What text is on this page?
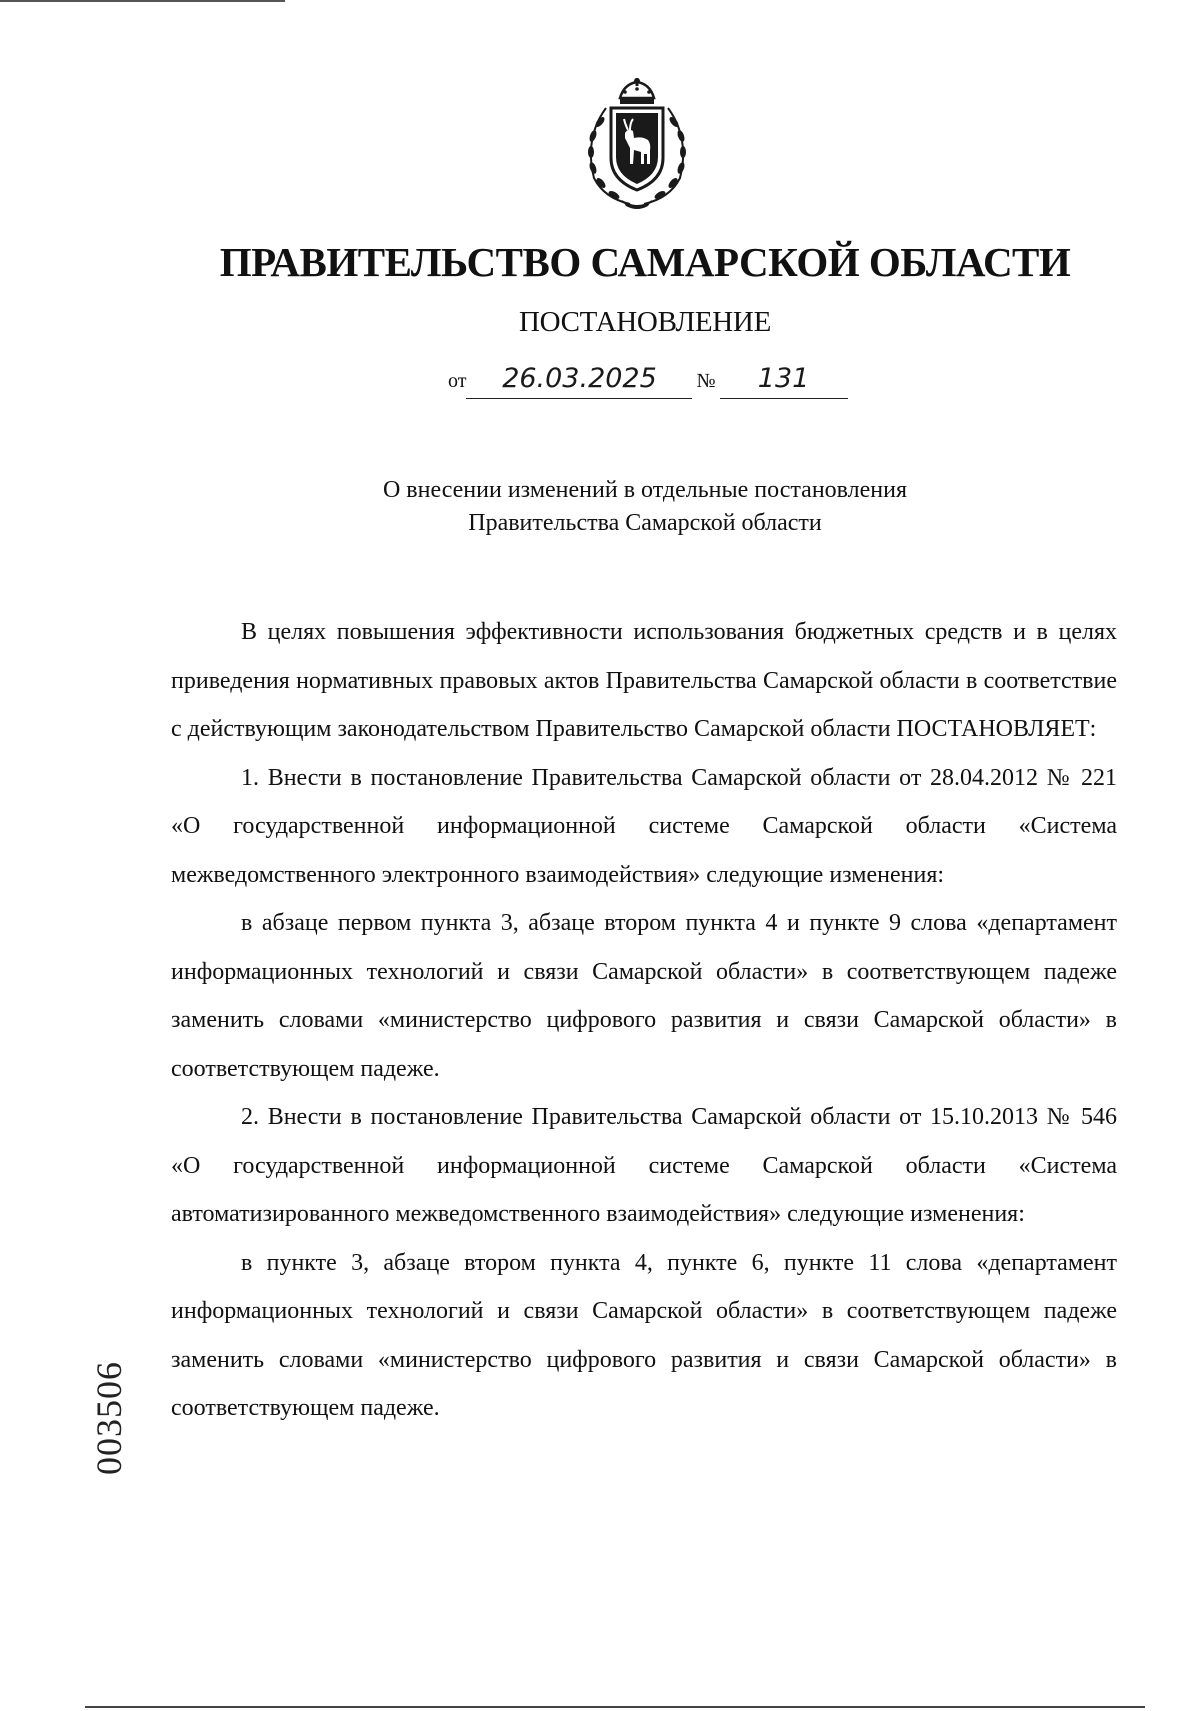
ПРАВИТЕЛЬСТВО САМАРСКОЙ ОБЛАСТИ
ПОСТАНОВЛЕНИЕ
от 26.03.2025 № 131
О внесении изменений в отдельные постановления
Правительства Самарской области

В целях повышения эффективности использования бюджетных средств и в целях приведения нормативных правовых актов Правительства Самарской области в соответствие с действующим законодательством Правительство Самарской области ПОСТАНОВЛЯЕТ:

1. Внести в постановление Правительства Самарской области от 28.04.2012 № 221 «О государственной информационной системе Самарской области «Система межведомственного электронного взаимодействия» следующие изменения:

в абзаце первом пункта 3, абзаце втором пункта 4 и пункте 9 слова «департамент информационных технологий и связи Самарской области» в соответствующем падеже заменить словами «министерство цифрового развития и связи Самарской области» в соответствующем падеже.

2. Внести в постановление Правительства Самарской области от 15.10.2013 № 546 «О государственной информационной системе Самарской области «Система автоматизированного межведомственного взаимодействия» следующие изменения:

в пункте 3, абзаце втором пункта 4, пункте 6, пункте 11 слова «департамент информационных технологий и связи Самарской области» в соответствующем падеже заменить словами «министерство цифрового развития и связи Самарской области» в соответствующем падеже.

003506
